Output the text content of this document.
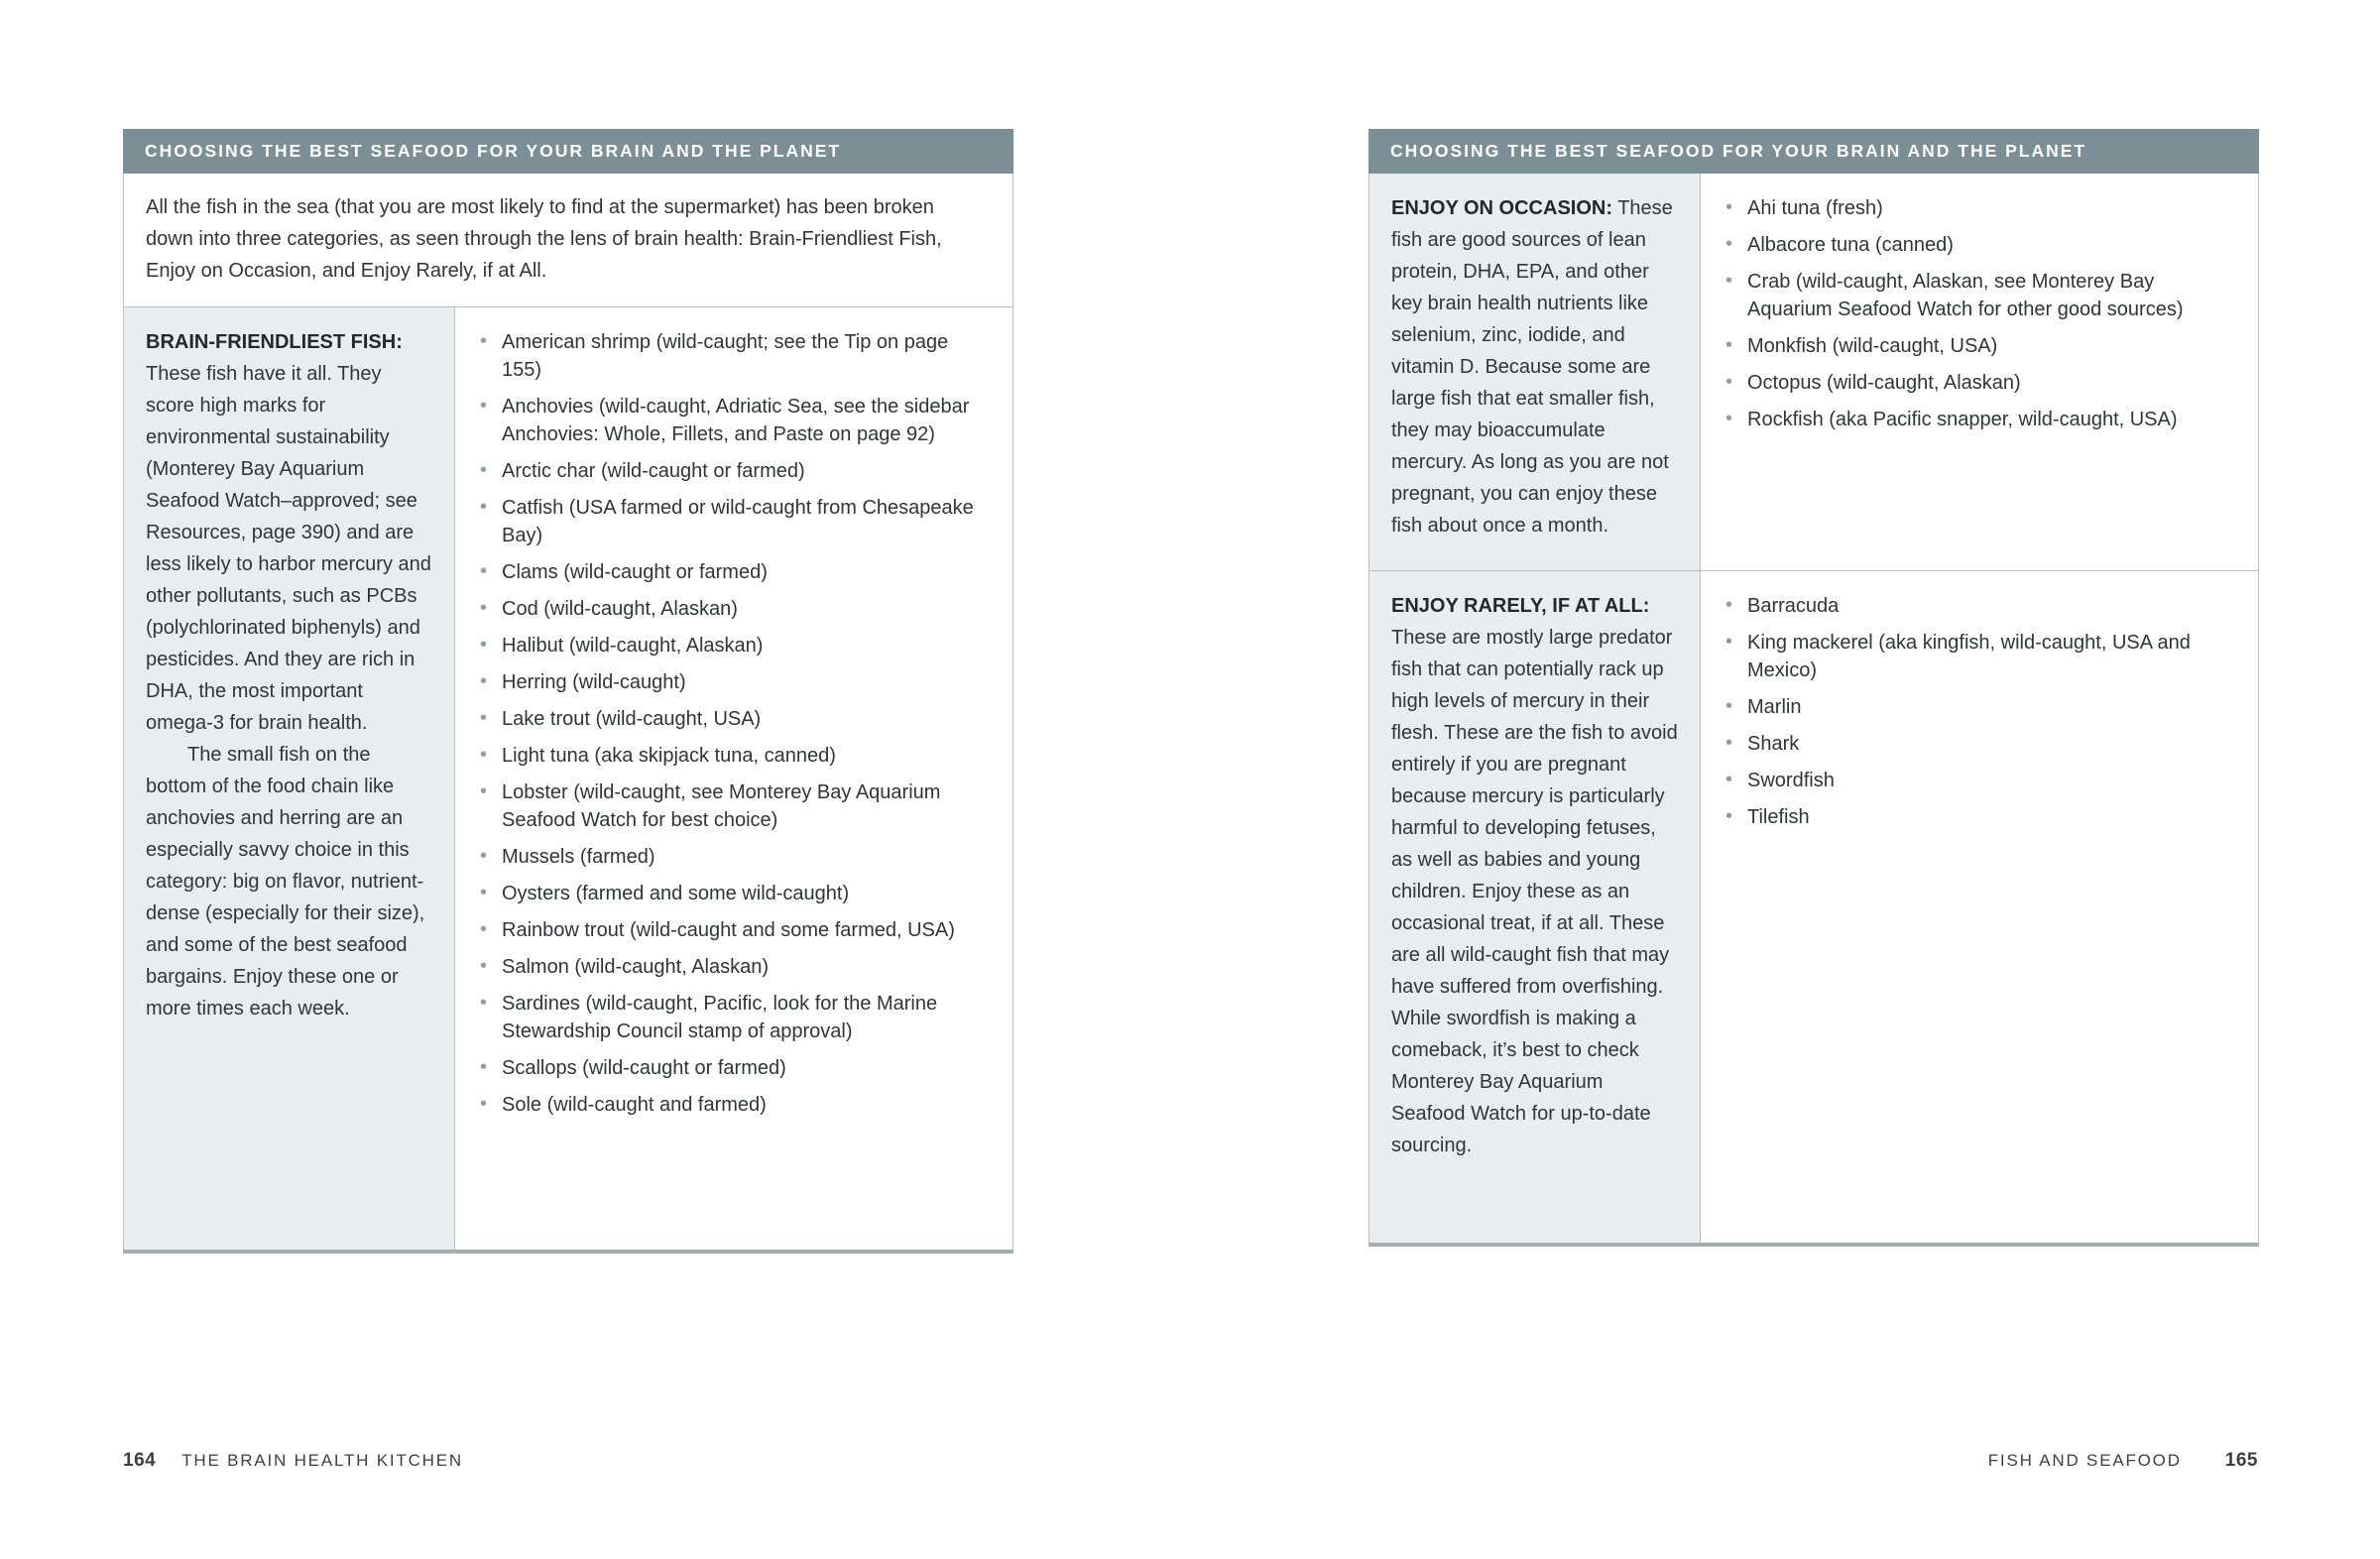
CHOOSING THE BEST SEAFOOD FOR YOUR BRAIN AND THE PLANET

All the fish in the sea (that you are most likely to find at the supermarket) has been broken down into three categories, as seen through the lens of brain health: Brain-Friendliest Fish, Enjoy on Occasion, and Enjoy Rarely, if at All.

BRAIN-FRIENDLIEST FISH: These fish have it all. They score high marks for environmental sustainability (Monterey Bay Aquarium Seafood Watch–approved; see Resources, page 390) and are less likely to harbor mercury and other pollutants, such as PCBs (polychlorinated biphenyls) and pesticides. And they are rich in DHA, the most important omega-3 for brain health.

The small fish on the bottom of the food chain like anchovies and herring are an especially savvy choice in this category: big on flavor, nutrient-dense (especially for their size), and some of the best seafood bargains. Enjoy these one or more times each week.

• American shrimp (wild-caught; see the Tip on page 155)
• Anchovies (wild-caught, Adriatic Sea, see the sidebar Anchovies: Whole, Fillets, and Paste on page 92)
• Arctic char (wild-caught or farmed)
• Catfish (USA farmed or wild-caught from Chesapeake Bay)
• Clams (wild-caught or farmed)
• Cod (wild-caught, Alaskan)
• Halibut (wild-caught, Alaskan)
• Herring (wild-caught)
• Lake trout (wild-caught, USA)
• Light tuna (aka skipjack tuna, canned)
• Lobster (wild-caught, see Monterey Bay Aquarium Seafood Watch for best choice)
• Mussels (farmed)
• Oysters (farmed and some wild-caught)
• Rainbow trout (wild-caught and some farmed, USA)
• Salmon (wild-caught, Alaskan)
• Sardines (wild-caught, Pacific, look for the Marine Stewardship Council stamp of approval)
• Scallops (wild-caught or farmed)
• Sole (wild-caught and farmed)
164 THE BRAIN HEALTH KITCHEN
CHOOSING THE BEST SEAFOOD FOR YOUR BRAIN AND THE PLANET

ENJOY ON OCCASION: These fish are good sources of lean protein, DHA, EPA, and other key brain health nutrients like selenium, zinc, iodide, and vitamin D. Because some are large fish that eat smaller fish, they may bioaccumulate mercury. As long as you are not pregnant, you can enjoy these fish about once a month.

• Ahi tuna (fresh)
• Albacore tuna (canned)
• Crab (wild-caught, Alaskan, see Monterey Bay Aquarium Seafood Watch for other good sources)
• Monkfish (wild-caught, USA)
• Octopus (wild-caught, Alaskan)
• Rockfish (aka Pacific snapper, wild-caught, USA)

ENJOY RARELY, IF AT ALL: These are mostly large predator fish that can potentially rack up high levels of mercury in their flesh. These are the fish to avoid entirely if you are pregnant because mercury is particularly harmful to developing fetuses, as well as babies and young children. Enjoy these as an occasional treat, if at all. These are all wild-caught fish that may have suffered from overfishing. While swordfish is making a comeback, it’s best to check Monterey Bay Aquarium Seafood Watch for up-to-date sourcing.

• Barracuda
• King mackerel (aka kingfish, wild-caught, USA and Mexico)
• Marlin
• Shark
• Swordfish
• Tilefish
FISH AND SEAFOOD 165
